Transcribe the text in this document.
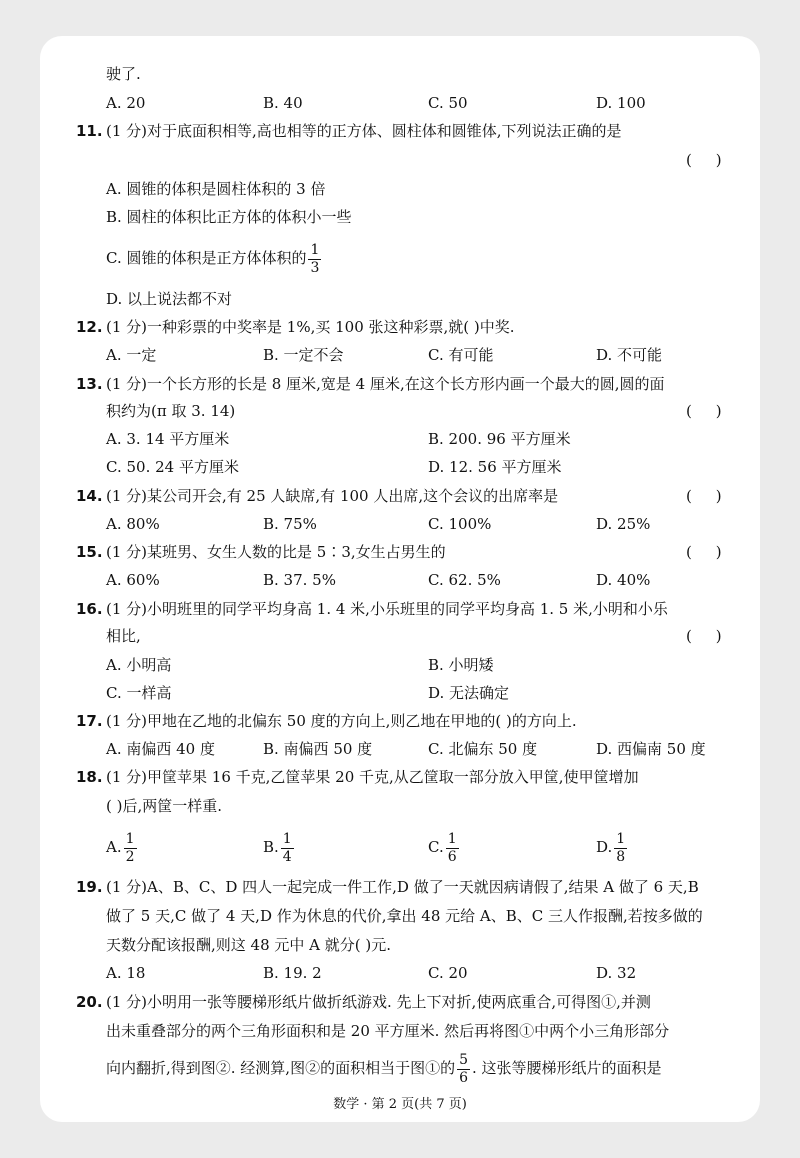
驶了.
A. 20	B. 40	C. 50	D. 100
11. (1 分)对于底面积相等,高也相等的正方体、圆柱体和圆锥体,下列说法正确的是
(     )
A. 圆锥的体积是圆柱体积的 3 倍
B. 圆柱的体积比正方体的体积小一些
C. 圆锥的体积是正方体体积的 $\frac{1}{3}$
D. 以上说法都不对
12. (1 分)一种彩票的中奖率是 1%,买 100 张这种彩票,就( )中奖.
A. 一定	B. 一定不会	C. 有可能	D. 不可能
13. (1 分)一个长方形的长是 8 厘米,宽是 4 厘米,在这个长方形内画一个最大的圆,圆的面
积约为(π 取 3. 14)	(     )
A. 3. 14 平方厘米	B. 200. 96 平方厘米
C. 50. 24 平方厘米	D. 12. 56 平方厘米
14. (1 分)某公司开会,有 25 人缺席,有 100 人出席,这个会议的出席率是	(     )
A. 80%	B. 75%	C. 100%	D. 25%
15. (1 分)某班男、女生人数的比是 5∶3,女生占男生的	(     )
A. 60%	B. 37. 5%	C. 62. 5%	D. 40%
16. (1 分)小明班里的同学平均身高 1. 4 米,小乐班里的同学平均身高 1. 5 米,小明和小乐
相比,	(     )
A. 小明高	B. 小明矮
C. 一样高	D. 无法确定
17. (1 分)甲地在乙地的北偏东 50 度的方向上,则乙地在甲地的( )的方向上.
A. 南偏西 40 度	B. 南偏西 50 度	C. 北偏东 50 度	D. 西偏南 50 度
18. (1 分)甲筐苹果 16 千克,乙筐苹果 20 千克,从乙筐取一部分放入甲筐,使甲筐增加
( )后,两筐一样重.
A. $\frac{1}{2}$	B. $\frac{1}{4}$	C. $\frac{1}{6}$	D. $\frac{1}{8}$
19. (1 分)A、B、C、D 四人一起完成一件工作,D 做了一天就因病请假了,结果 A 做了 6 天,B
做了 5 天,C 做了 4 天,D 作为休息的代价,拿出 48 元给 A、B、C 三人作报酬,若按多做的
天数分配该报酬,则这 48 元中 A 就分( )元.
A. 18	B. 19. 2	C. 20	D. 32
20. (1 分)小明用一张等腰梯形纸片做折纸游戏. 先上下对折,使两底重合,可得图①,并测
出未重叠部分的两个三角形面积和是 20 平方厘米. 然后再将图①中两个小三角形部分
向内翻折,得到图②. 经测算,图②的面积相当于图①的 $\frac{5}{6}$ . 这张等腰梯形纸片的面积是
数学 · 第 2 页(共 7 页)
